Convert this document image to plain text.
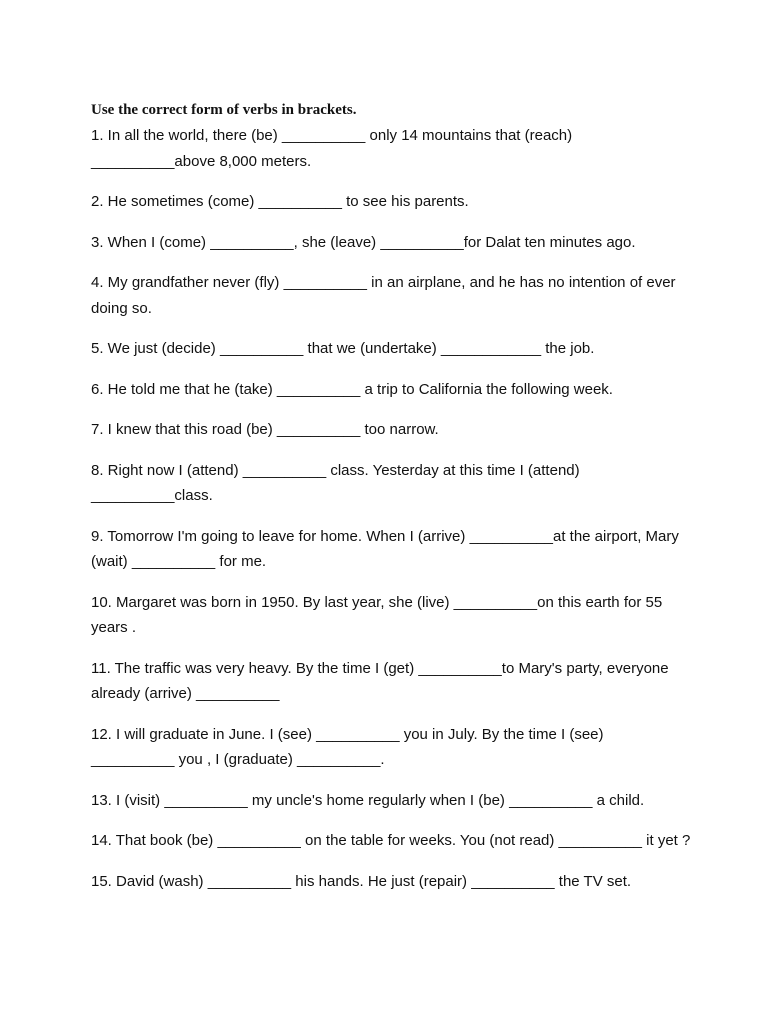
Use the correct form of verbs in brackets.

1. In all the world, there (be) __________ only 14 mountains that (reach) __________above 8,000 meters.

2. He sometimes (come) __________ to see his parents.

3. When I (come) __________, she (leave) __________for Dalat ten minutes ago.

4. My grandfather never (fly) __________ in an airplane, and he has no intention of ever doing so.

5. We just (decide) __________ that we (undertake) ____________ the job.

6. He told me that he (take) __________ a trip to California the following week.

7. I knew that this road (be) __________ too narrow.

8. Right now I (attend) __________ class. Yesterday at this time I (attend) __________class.

9. Tomorrow I'm going to leave for home. When I (arrive) __________at the airport, Mary (wait) __________ for me.

10. Margaret was born in 1950. By last year, she (live) __________on this earth for 55 years .

11. The traffic was very heavy. By the time I (get) __________to Mary's party, everyone already (arrive) __________

12. I will graduate in June. I (see) __________ you in July. By the time I (see) __________ you , I (graduate) __________.

13. I (visit) __________ my uncle's home regularly when I (be) __________ a child.

14. That book (be) __________ on the table for weeks. You (not read) __________ it yet ?

15. David (wash) __________ his hands. He just (repair) __________ the TV set.
